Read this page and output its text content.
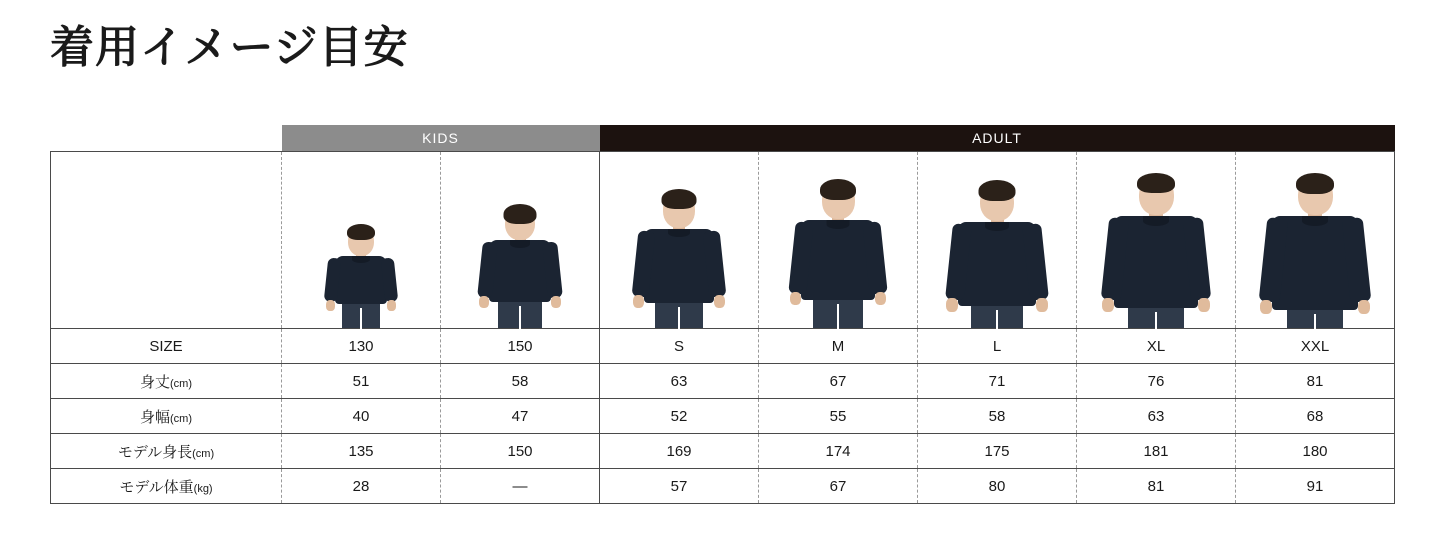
着用イメージ目安
	KIDS		ADULT				

SIZE	130	150	S	M	L	XL	XXL
身丈(cm)	51	58	63	67	71	76	81
身幅(cm)	40	47	52	55	58	63	68
モデル身長(cm)	135	150	169	174	175	181	180
モデル体重(kg)	28	—	57	67	80	81	91
